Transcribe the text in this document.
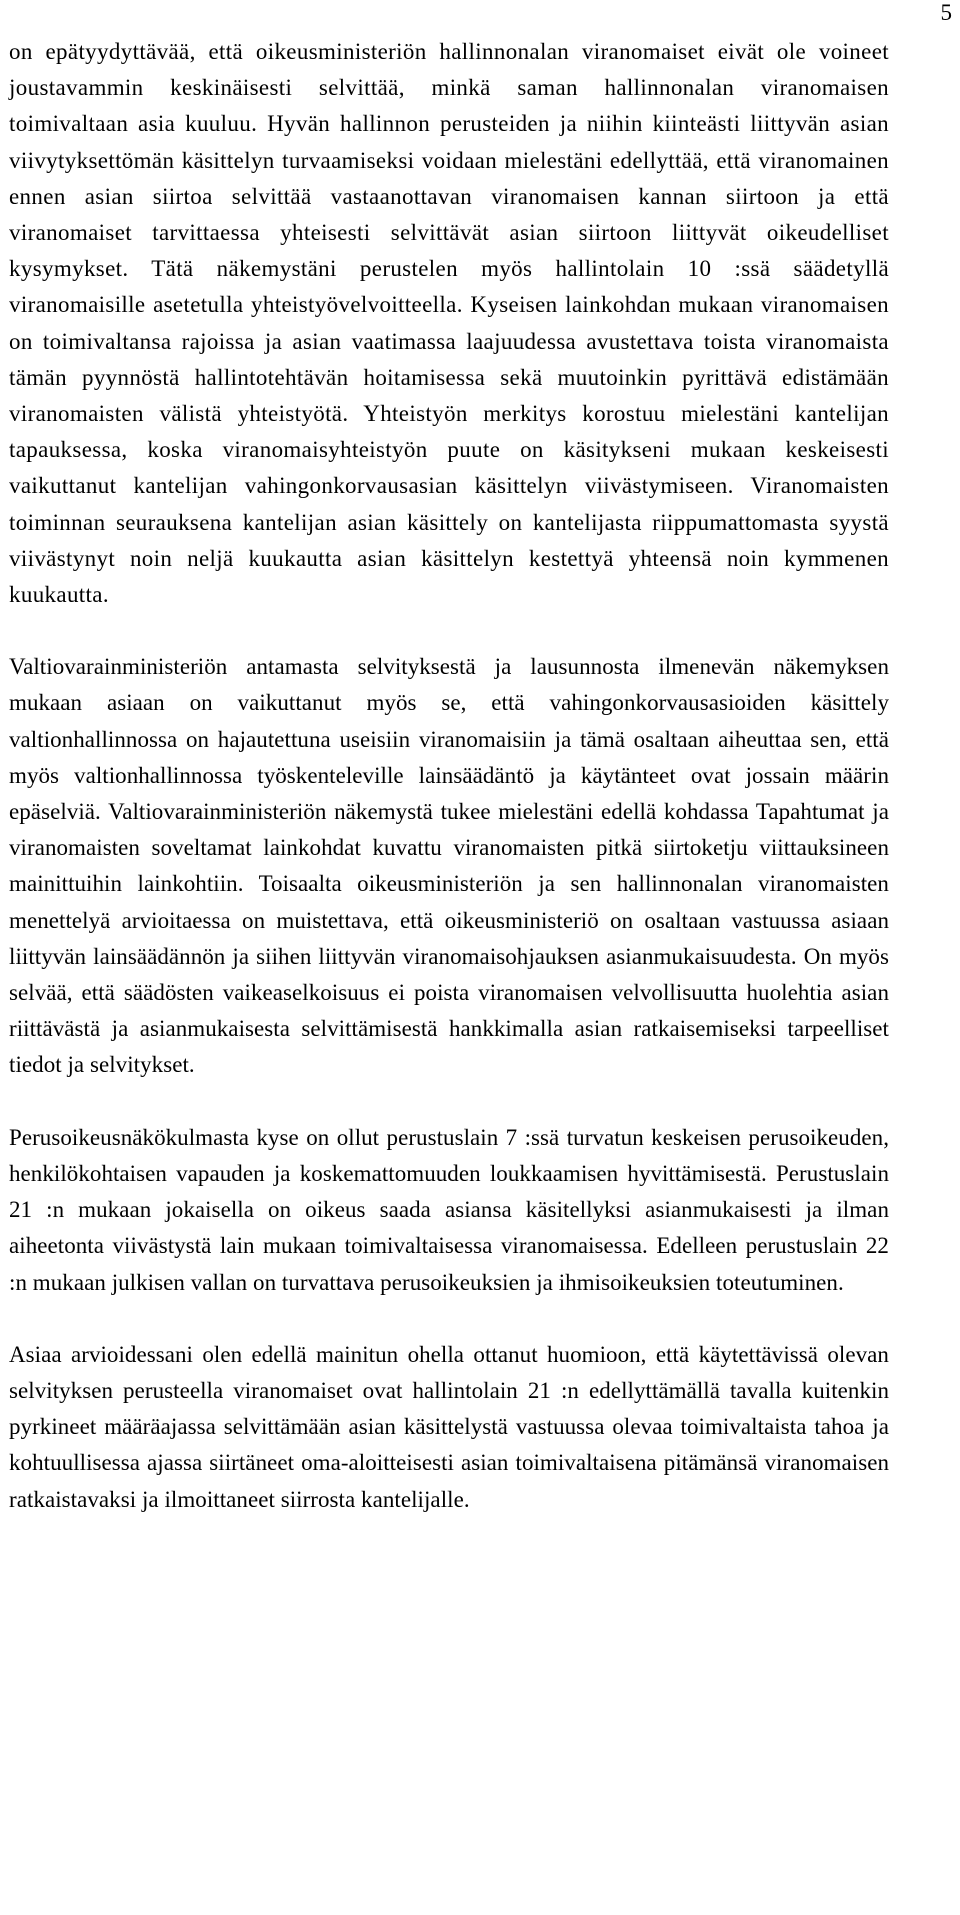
5

on epätyydyttävää, että oikeusministeriön hallinnonalan viranomaiset eivät ole voineet joustavammin keskinäisesti selvittää, minkä saman hallinnonalan viranomaisen toimivaltaan asia kuuluu. Hyvän hallinnon perusteiden ja niihin kiinteästi liittyvän asian viivytyksettömän käsittelyn turvaamiseksi voidaan mielestäni edellyttää, että viranomainen ennen asian siirtoa selvittää vastaanottavan viranomaisen kannan siirtoon ja että viranomaiset tarvittaessa yhteisesti selvittävät asian siirtoon liittyvät oikeudelliset kysymykset. Tätä näkemystäni perustelen myös hallintolain 10 :ssä säädetyllä viranomaisille asetetulla yhteistyövelvoitteella. Kyseisen lainkohdan mukaan viranomaisen on toimivaltansa rajoissa ja asian vaatimassa laajuudessa avustettava toista viranomaista tämän pyynnöstä hallintotehtävän hoitamisessa sekä muutoinkin pyrittävä edistämään viranomaisten välistä yhteistyötä. Yhteistyön merkitys korostuu mielestäni kantelijan tapauksessa, koska viranomaisyhteistyön puute on käsitykseni mukaan keskeisesti vaikuttanut kantelijan vahingonkorvausasian käsittelyn viivästymiseen. Viranomaisten toiminnan seurauksena kantelijan asian käsittely on kantelijasta riippumattomasta syystä viivästynyt noin neljä kuukautta asian käsittelyn kestettyä yhteensä noin kymmenen kuukautta.

Valtiovarainministeriön antamasta selvityksestä ja lausunnosta ilmenevän näkemyksen mukaan asiaan on vaikuttanut myös se, että vahingonkorvausasioiden käsittely valtionhallinnossa on hajautettuna useisiin viranomaisiin ja tämä osaltaan aiheuttaa sen, että myös valtionhallinnossa työskenteleville lainsäädäntö ja käytänteet ovat jossain määrin epäselviä. Valtiovarainministeriön näkemystä tukee mielestäni edellä kohdassa Tapahtumat ja viranomaisten soveltamat lainkohdat kuvattu viranomaisten pitkä siirtoketju viittauksineen mainittuihin lainkohtiin. Toisaalta oikeusministeriön ja sen hallinnonalan viranomaisten menettelyä arvioitaessa on muistettava, että oikeusministeriö on osaltaan vastuussa asiaan liittyvän lainsäädännön ja siihen liittyvän viranomaisohjauksen asianmukaisuudesta. On myös selvää, että säädösten vaikeaselkoisuus ei poista viranomaisen velvollisuutta huolehtia asian riittävästä ja asianmukaisesta selvittämisestä hankkimalla asian ratkaisemiseksi tarpeelliset tiedot ja selvitykset.

Perusoikeusnäkökulmasta kyse on ollut perustuslain 7 :ssä turvatun keskeisen perusoikeuden, henkilökohtaisen vapauden ja koskemattomuuden loukkaamisen hyvittämisestä. Perustuslain 21 :n mukaan jokaisella on oikeus saada asiansa käsitellyksi asianmukaisesti ja ilman aiheetonta viivästystä lain mukaan toimivaltaisessa viranomaisessa. Edelleen perustuslain 22 :n mukaan julkisen vallan on turvattava perusoikeuksien ja ihmisoikeuksien toteutuminen.

Asiaa arvioidessani olen edellä mainitun ohella ottanut huomioon, että käytettävissä olevan selvityksen perusteella viranomaiset ovat hallintolain 21 :n edellyttämällä tavalla kuitenkin pyrkineet määräajassa selvittämään asian käsittelystä vastuussa olevaa toimivaltaista tahoa ja kohtuullisessa ajassa siirtäneet oma-aloitteisesti asian toimivaltaisena pitämänsä viranomaisen ratkaistavaksi ja ilmoittaneet siirrosta kantelijalle.
